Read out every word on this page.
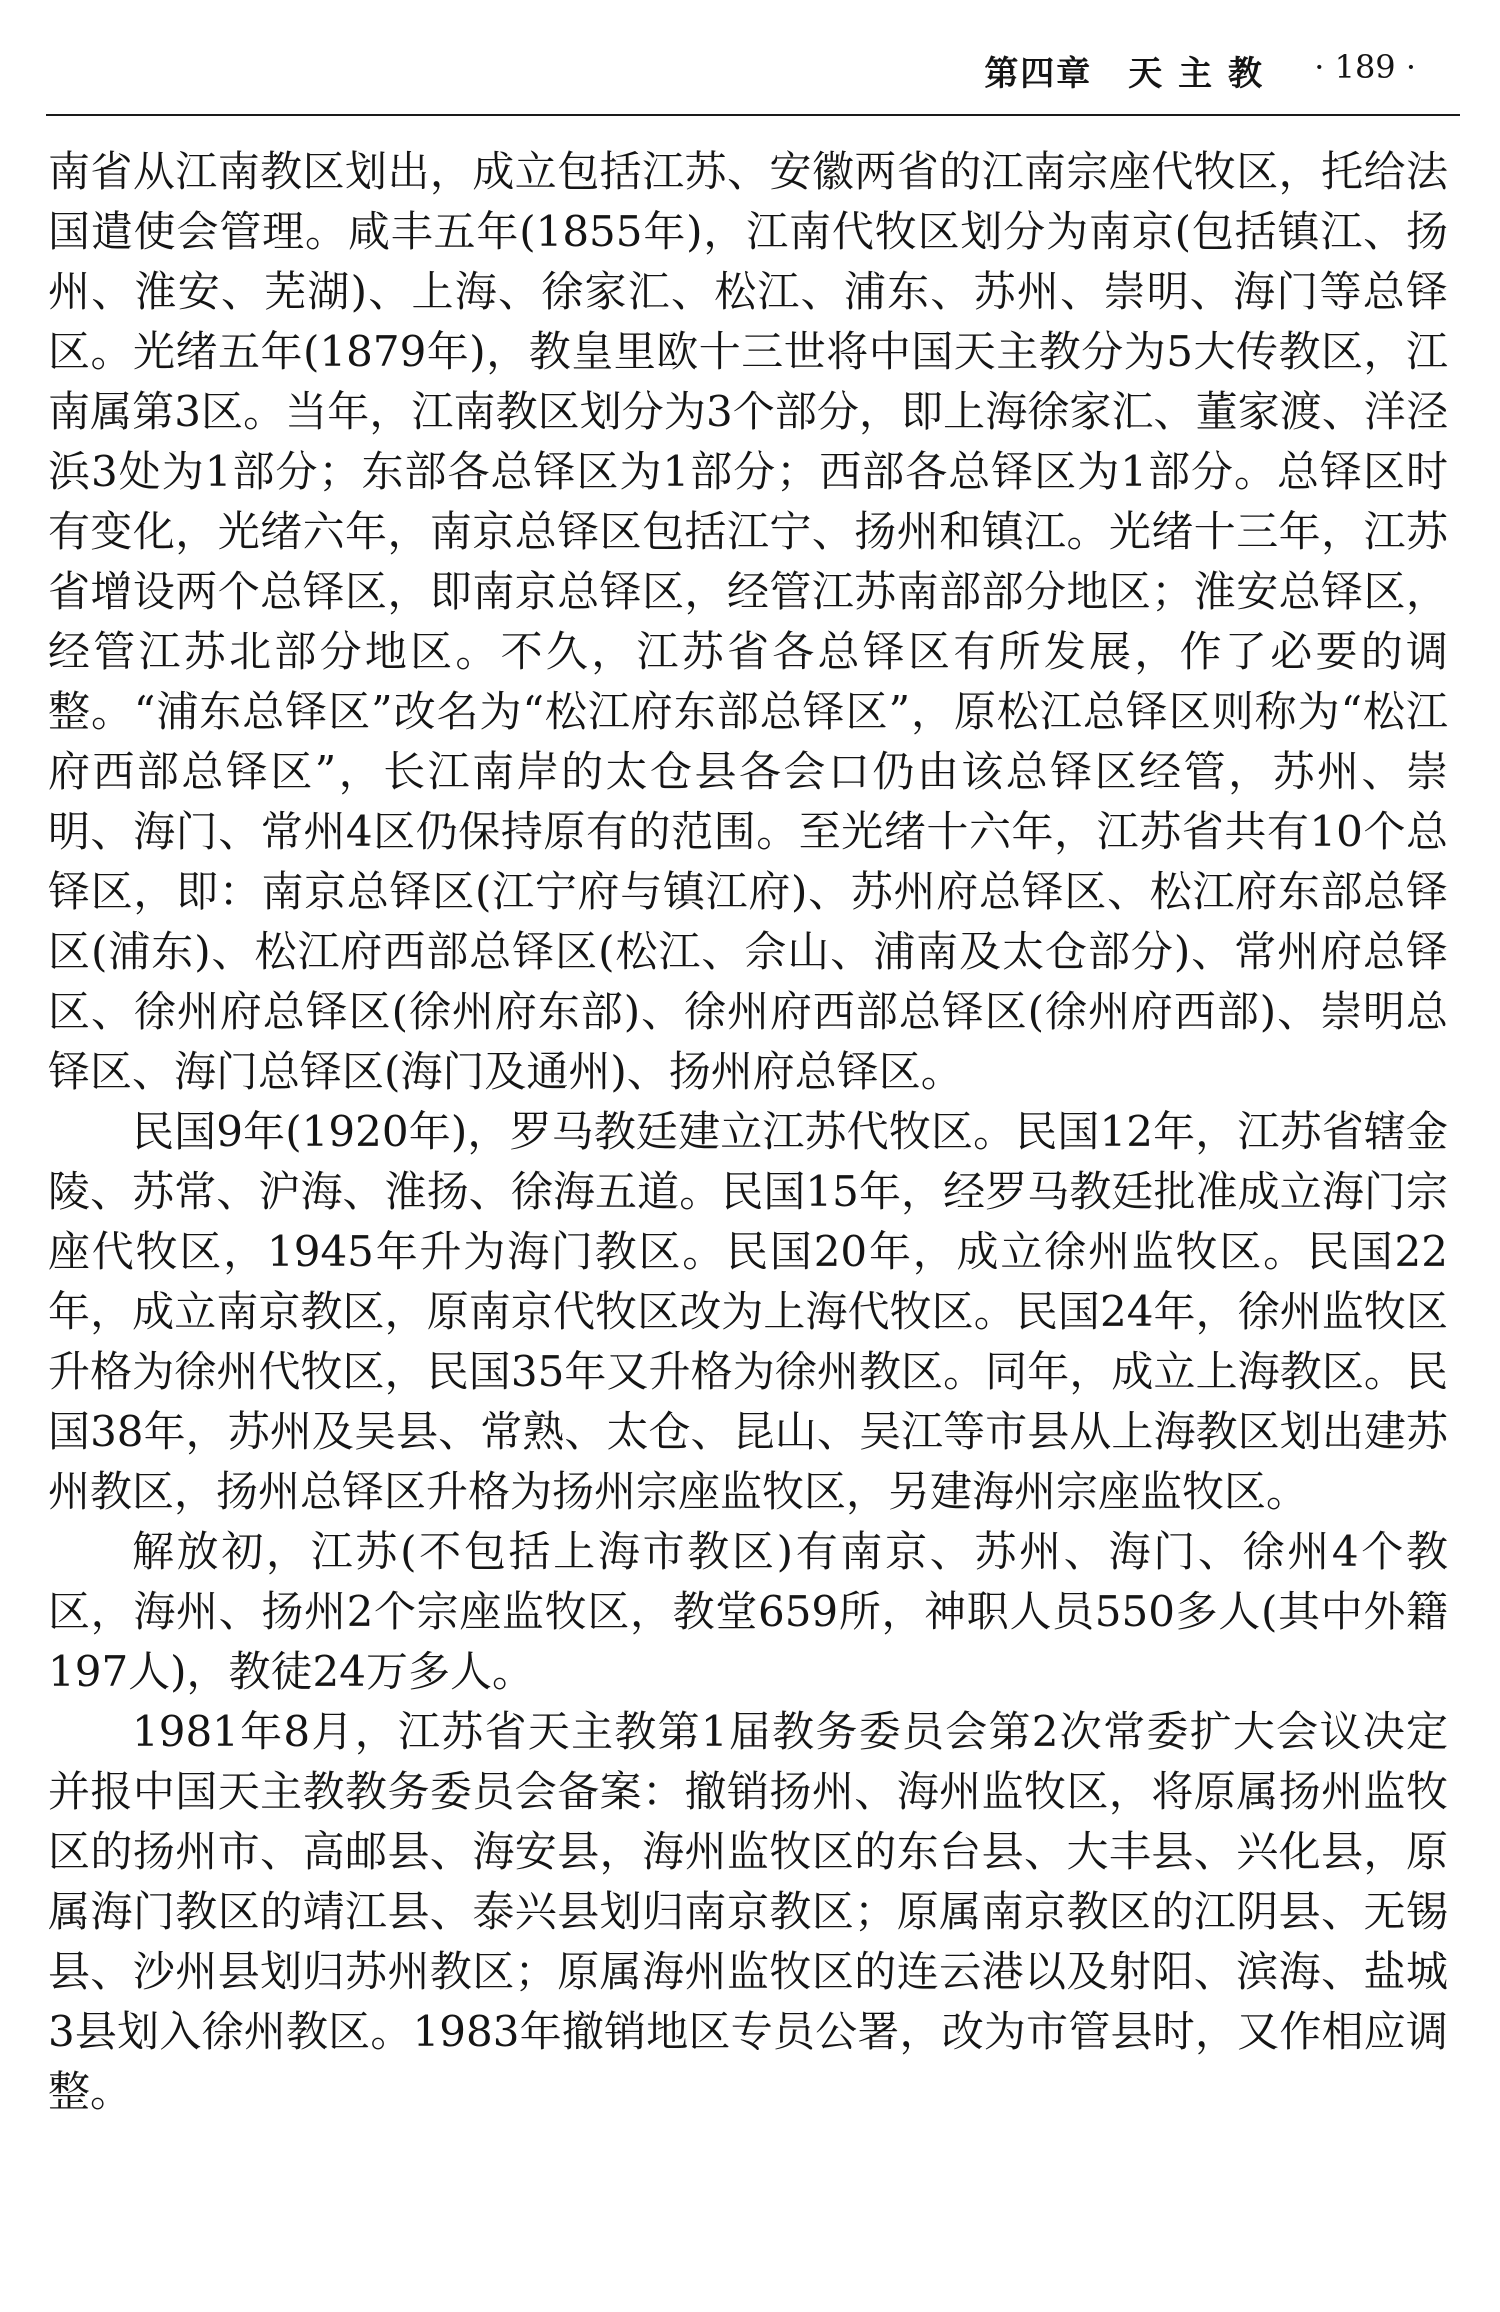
第四章　天 主 教 · 189 ·

南省从江南教区划出，成立包括江苏、安徽两省的江南宗座代牧区，托给法国遣使会管理。咸丰五年(1855年)，江南代牧区划分为南京(包括镇江、扬州、淮安、芜湖)、上海、徐家汇、松江、浦东、苏州、崇明、海门等总铎区。光绪五年(1879年)，教皇里欧十三世将中国天主教分为5大传教区，江南属第3区。当年，江南教区划分为3个部分，即上海徐家汇、董家渡、洋泾浜3处为1部分；东部各总铎区为1部分；西部各总铎区为1部分。总铎区时有变化，光绪六年，南京总铎区包括江宁、扬州和镇江。光绪十三年，江苏省增设两个总铎区，即南京总铎区，经管江苏南部部分地区；淮安总铎区，经管江苏北部分地区。不久，江苏省各总铎区有所发展，作了必要的调整。“浦东总铎区”改名为“松江府东部总铎区”，原松江总铎区则称为“松江府西部总铎区”，长江南岸的太仓县各会口仍由该总铎区经管，苏州、崇明、海门、常州4区仍保持原有的范围。至光绪十六年，江苏省共有10个总铎区，即：南京总铎区(江宁府与镇江府)、苏州府总铎区、松江府东部总铎区(浦东)、松江府西部总铎区(松江、佘山、浦南及太仓部分)、常州府总铎区、徐州府总铎区(徐州府东部)、徐州府西部总铎区(徐州府西部)、崇明总铎区、海门总铎区(海门及通州)、扬州府总铎区。

民国9年(1920年)，罗马教廷建立江苏代牧区。民国12年，江苏省辖金陵、苏常、沪海、淮扬、徐海五道。民国15年，经罗马教廷批准成立海门宗座代牧区，1945年升为海门教区。民国20年，成立徐州监牧区。民国22年，成立南京教区，原南京代牧区改为上海代牧区。民国24年，徐州监牧区升格为徐州代牧区，民国35年又升格为徐州教区。同年，成立上海教区。民国38年，苏州及吴县、常熟、太仓、昆山、吴江等市县从上海教区划出建苏州教区，扬州总铎区升格为扬州宗座监牧区，另建海州宗座监牧区。

解放初，江苏(不包括上海市教区)有南京、苏州、海门、徐州4个教区，海州、扬州2个宗座监牧区，教堂659所，神职人员550多人(其中外籍197人)，教徒24万多人。

1981年8月，江苏省天主教第1届教务委员会第2次常委扩大会议决定并报中国天主教教务委员会备案：撤销扬州、海州监牧区，将原属扬州监牧区的扬州市、高邮县、海安县，海州监牧区的东台县、大丰县、兴化县，原属海门教区的靖江县、泰兴县划归南京教区；原属南京教区的江阴县、无锡县、沙州县划归苏州教区；原属海州监牧区的连云港以及射阳、滨海、盐城3县划入徐州教区。1983年撤销地区专员公署，改为市管县时，又作相应调整。
